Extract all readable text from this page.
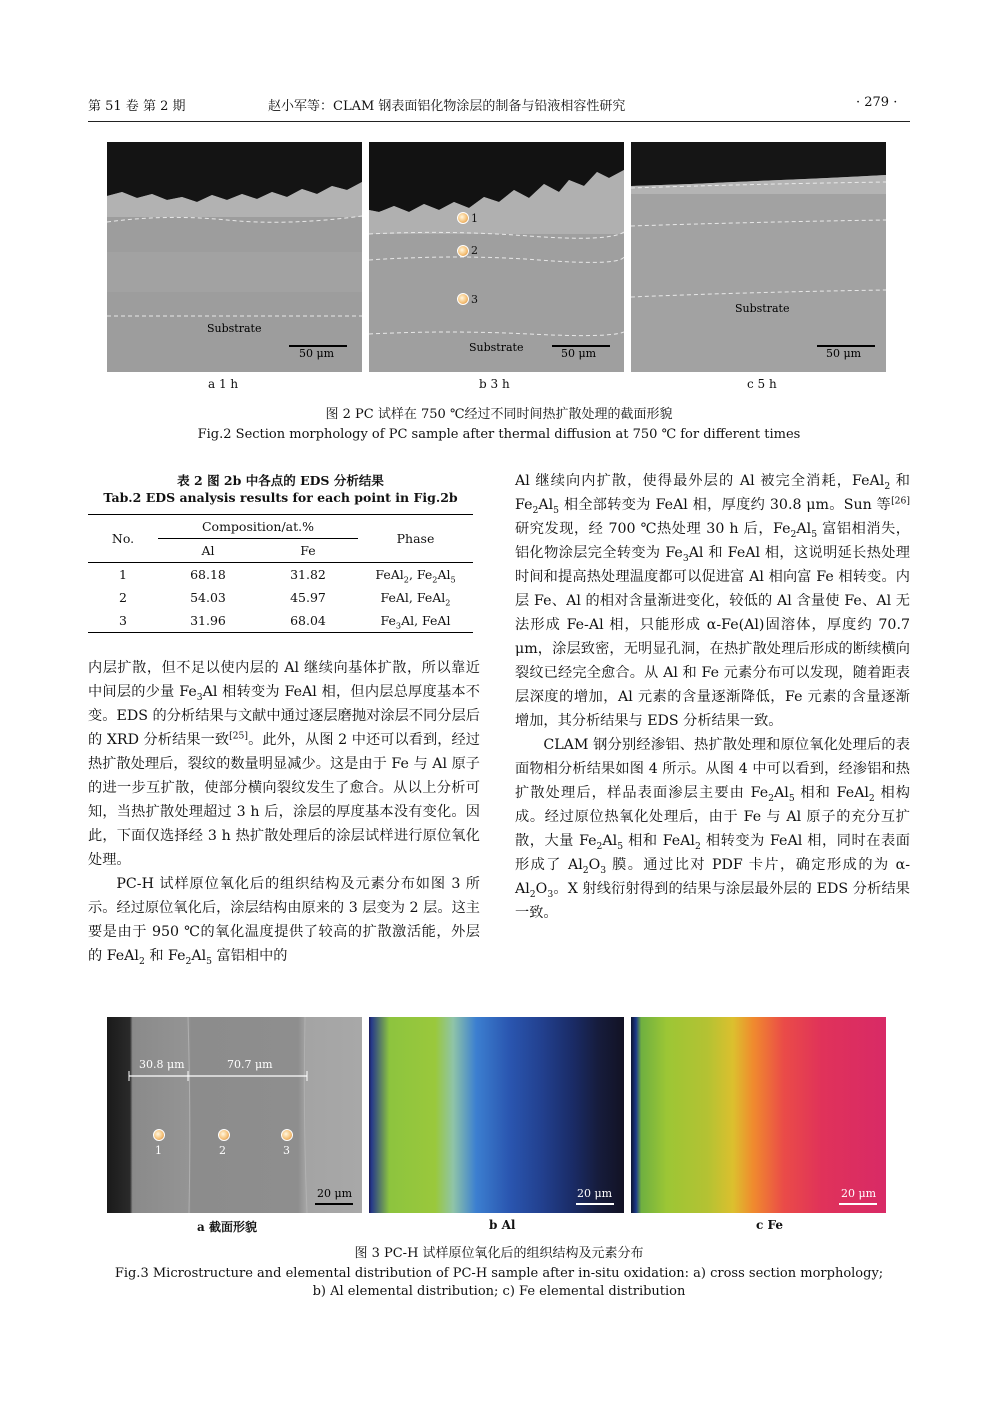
第 51 卷 第 2 期	赵小军等：CLAM 钢表面铝化物涂层的制备与铅液相容性研究	· 279 ·
Substrate
50 μm
1
2
3
Substrate	50 μm
Substrate
50 μm
a 1 h	b 3 h	c 5 h
图 2 PC 试样在 750 ℃经过不同时间热扩散处理的截面形貌
Fig.2 Section morphology of PC sample after thermal diffusion at 750 ℃ for different times
表 2 图 2b 中各点的 EDS 分析结果
Tab.2 EDS analysis results for each point in Fig.2b
No.	Composition/at.%		Phase
	Al	Fe	
1	68.18	31.82	FeAl$_2$, $Fe_2Al_5$
2	54.03	45.97	FeAl, FeAl$_2$
3	31.96	68.04	$Fe_3Al$, FeAl

内层扩散，但不足以使内层的 Al 继续向基体扩散，所以靠近中间层的少量 $Fe_3Al$ 相转变为 FeAl 相，但内层总厚度基本不变。EDS 的分析结果与文献中通过逐层磨抛对涂层不同分层后的 XRD 分析结果一致[25]。此外，从图 2 中还可以看到，经过热扩散处理后，裂纹的数量明显减少。这是由于 Fe 与 Al 原子的进一步互扩散，使部分横向裂纹发生了愈合。从以上分析可知，当热扩散处理超过 3 h 后，涂层的厚度基本没有变化。因此，下面仅选择经 3 h 热扩散处理后的涂层试样进行原位氧化处理。

PC-H 试样原位氧化后的组织结构及元素分布如图 3 所示。经过原位氧化后，涂层结构由原来的 3 层变为 2 层。这主要是由于 950 ℃的氧化温度提供了较高的扩散激活能，外层的 FeAl$_2$ 和 $Fe_2Al_5$ 富铝相中的

Al 继续向内扩散，使得最外层的 Al 被完全消耗，FeAl$_2$ 和 $Fe_2Al_5$ 相全部转变为 FeAl 相，厚度约 30.8 μm。Sun 等[26]研究发现，经 700 ℃热处理 30 h 后，$Fe_2Al_5$ 富铝相消失，铝化物涂层完全转变为 $Fe_3Al$ 和 FeAl 相，这说明延长热处理时间和提高热处理温度都可以促进富 Al 相向富 Fe 相转变。内层 Fe、Al 的相对含量渐进变化，较低的 Al 含量使 Fe、Al 无法形成 Fe-Al 相，只能形成 α-Fe(Al)固溶体，厚度约 70.7 μm，涂层致密，无明显孔洞，在热扩散处理后形成的断续横向裂纹已经完全愈合。从 Al 和 Fe 元素分布可以发现，随着距表层深度的增加，Al 元素的含量逐渐降低，Fe 元素的含量逐渐增加，其分析结果与 EDS 分析结果一致。

CLAM 钢分别经渗铝、热扩散处理和原位氧化处理后的表面物相分析结果如图 4 所示。从图 4 中可以看到，经渗铝和热扩散处理后，样品表面渗层主要由 $Fe_2Al_5$ 相和 FeAl$_2$ 相构成。经过原位热氧化处理后，由于 Fe 与 Al 原子的充分互扩散，大量 $Fe_2Al_5$ 相和 FeAl$_2$ 相转变为 FeAl 相，同时在表面形成了 $Al_2O_3$ 膜。通过比对 PDF 卡片，确定形成的为 $\alpha-Al_2O_3$。X 射线衍射得到的结果与涂层最外层的 EDS 分析结果一致。

30.8 μm	70.7 μm
1	2	3
20 μm	20 μm	20 μm
a 截面形貌	b Al	c Fe
图 3 PC-H 试样原位氧化后的组织结构及元素分布
Fig.3 Microstructure and elemental distribution of PC-H sample after in-situ oxidation: a) cross section morphology;
b) Al elemental distribution; c) Fe elemental distribution
